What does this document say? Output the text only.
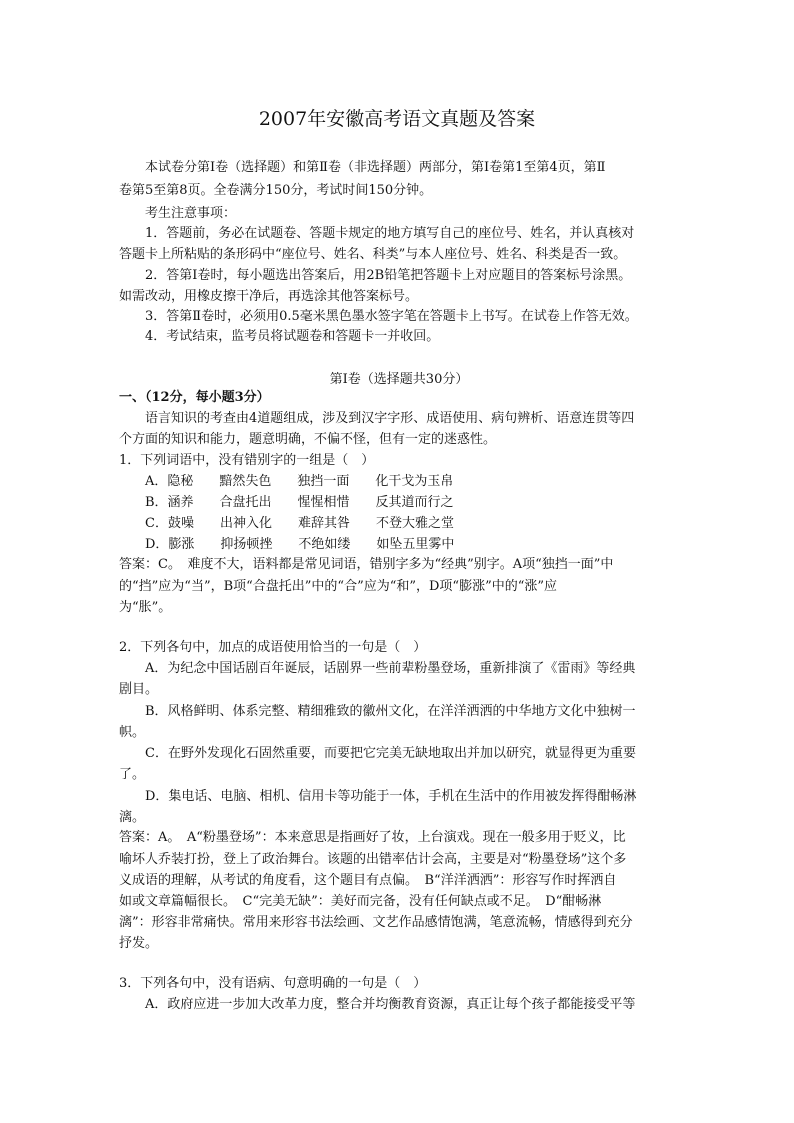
2007年安徽高考语文真题及答案
　　本试卷分第Ⅰ卷（选择题）和第Ⅱ卷（非选择题）两部分，第Ⅰ卷第1至第4页，第Ⅱ
卷第5至第8页。全卷满分150分，考试时间150分钟。
　　考生注意事项：
　　1．答题前，务必在试题卷、答题卡规定的地方填写自己的座位号、姓名，并认真核对
答题卡上所粘贴的条形码中“座位号、姓名、科类”与本人座位号、姓名、科类是否一致。
　　2．答第Ⅰ卷时，每小题选出答案后，用2B铅笔把答题卡上对应题目的答案标号涂黑。
如需改动，用橡皮擦干净后，再选涂其他答案标号。
　　3．答第Ⅱ卷时，必须用0.5毫米黑色墨水签字笔在答题卡上书写。在试卷上作答无效。
　　4．考试结束，监考员将试题卷和答题卡一并收回。
第Ⅰ卷（选择题共30分）
一、（12分，每小题3分）
　　语言知识的考查由4道题组成，涉及到汉字字形、成语使用、病句辨析、语意连贯等四
个方面的知识和能力，题意明确，不偏不怪，但有一定的迷惑性。
1．下列词语中，没有错别字的一组是（　）
　　A．隐秘　　黯然失色　　独挡一面　　化干戈为玉帛
　　B．涵养　　合盘托出　　惺惺相惜　　反其道而行之
　　C．鼓噪　　出神入化　　难辞其咎　　不登大雅之堂
　　D．膨涨　　抑扬顿挫　　不绝如缕　　如坠五里雾中
答案：C。　难度不大，语料都是常见词语，错别字多为“经典”别字。A项“独挡一面”中
的“挡”应为“当”，B项“合盘托出”中的“合”应为“和”，D项“膨涨”中的“涨”应
为“胀”。
2．下列各句中，加点的成语使用恰当的一句是（　）
　　A．为纪念中国话剧百年诞辰，话剧界一些前辈粉墨登场，重新排演了《雷雨》等经典
剧目。
　　B．风格鲜明、体系完整、精细雅致的徽州文化，在洋洋洒洒的中华地方文化中独树一
帜。
　　C．在野外发现化石固然重要，而要把它完美无缺地取出并加以研究，就显得更为重要
了。
　　D．集电话、电脑、相机、信用卡等功能于一体，手机在生活中的作用被发挥得酣畅淋
漓。
答案：A。　A“粉墨登场”：本来意思是指画好了妆，上台演戏。现在一般多用于贬义，比
喻坏人乔装打扮，登上了政治舞台。该题的出错率估计会高，主要是对“粉墨登场”这个多
义成语的理解，从考试的角度看，这个题目有点偏。　B“洋洋洒洒”：形容写作时挥洒自
如或文章篇幅很长。　C“完美无缺”：美好而完备，没有任何缺点或不足。　D“酣畅淋
漓”：形容非常痛快。常用来形容书法绘画、文艺作品感情饱满，笔意流畅，情感得到充分
抒发。
3．下列各句中，没有语病、句意明确的一句是（　）
　　A．政府应进一步加大改革力度，整合并均衡教育资源，真正让每个孩子都能接受平等
